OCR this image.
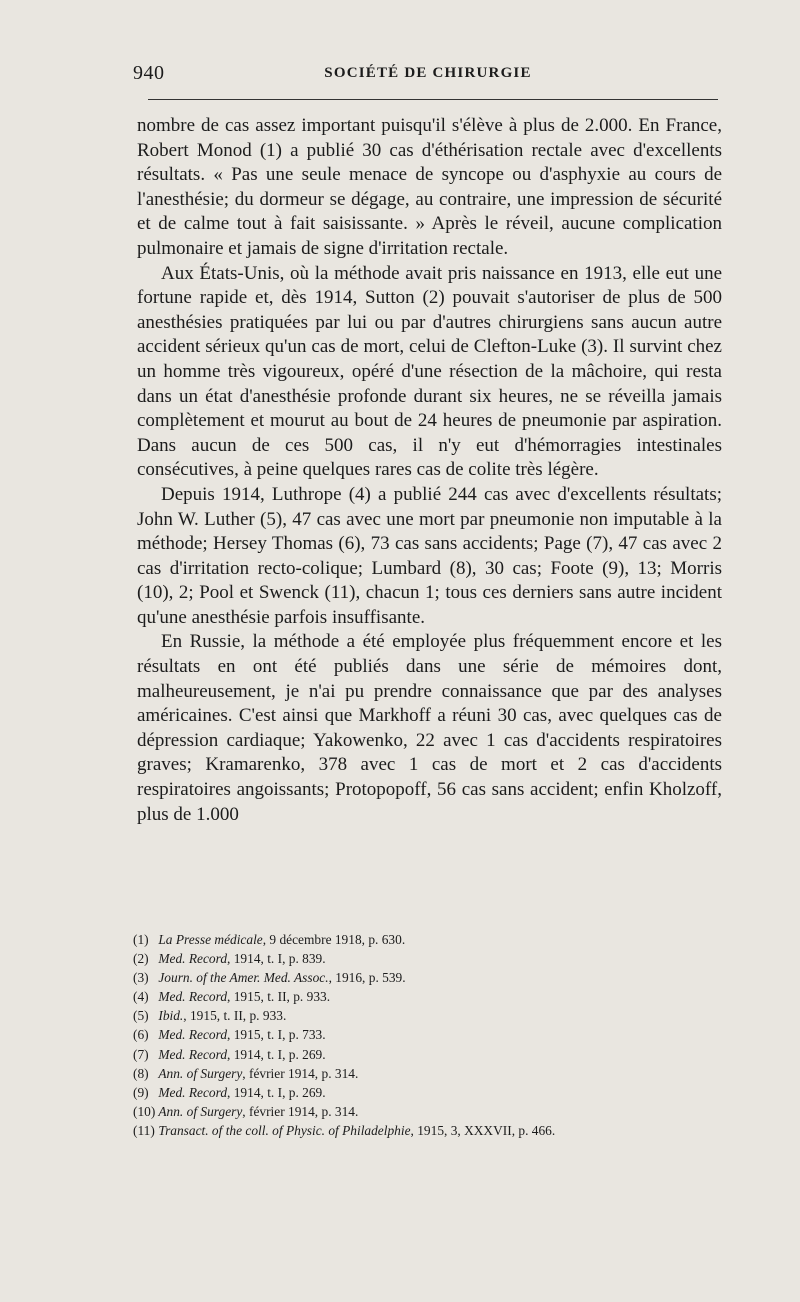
940	SOCIÉTÉ DE CHIRURGIE

nombre de cas assez important puisqu'il s'élève à plus de 2.000. En France, Robert Monod (1) a publié 30 cas d'éthérisation rectale avec d'excellents résultats. « Pas une seule menace de syncope ou d'asphyxie au cours de l'anesthésie; du dormeur se dégage, au contraire, une impression de sécurité et de calme tout à fait saisissante. » Après le réveil, aucune complication pulmonaire et jamais de signe d'irritation rectale.

Aux États-Unis, où la méthode avait pris naissance en 1913, elle eut une fortune rapide et, dès 1914, Sutton (2) pouvait s'autoriser de plus de 500 anesthésies pratiquées par lui ou par d'autres chirurgiens sans aucun autre accident sérieux qu'un cas de mort, celui de Clefton-Luke (3). Il survint chez un homme très vigoureux, opéré d'une résection de la mâchoire, qui resta dans un état d'anesthésie profonde durant six heures, ne se réveilla jamais complètement et mourut au bout de 24 heures de pneumonie par aspiration. Dans aucun de ces 500 cas, il n'y eut d'hémorragies intestinales consécutives, à peine quelques rares cas de colite très légère.

Depuis 1914, Luthrope (4) a publié 244 cas avec d'excellents résultats; John W. Luther (5), 47 cas avec une mort par pneumonie non imputable à la méthode; Hersey Thomas (6), 73 cas sans accidents; Page (7), 47 cas avec 2 cas d'irritation recto-colique; Lumbard (8), 30 cas; Foote (9), 13; Morris (10), 2; Pool et Swenck (11), chacun 1; tous ces derniers sans autre incident qu'une anesthésie parfois insuffisante.

En Russie, la méthode a été employée plus fréquemment encore et les résultats en ont été publiés dans une série de mémoires dont, malheureusement, je n'ai pu prendre connaissance que par des analyses américaines. C'est ainsi que Markhoff a réuni 30 cas, avec quelques cas de dépression cardiaque; Yakowenko, 22 avec 1 cas d'accidents respiratoires graves; Kramarenko, 378 avec 1 cas de mort et 2 cas d'accidents respiratoires angoissants; Protopopoff, 56 cas sans accident; enfin Kholzoff, plus de 1.000

(1) La Presse médicale, 9 décembre 1918, p. 630.
(2) Med. Record, 1914, t. I, p. 839.
(3) Journ. of the Amer. Med. Assoc., 1916, p. 539.
(4) Med. Record, 1915, t. II, p. 933.
(5) Ibid., 1915, t. II, p. 933.
(6) Med. Record, 1915, t. I, p. 733.
(7) Med. Record, 1914, t. I, p. 269.
(8) Ann. of Surgery, février 1914, p. 314.
(9) Med. Record, 1914, t. I, p. 269.
(10) Ann. of Surgery, février 1914, p. 314.
(11) Transact. of the coll. of Physic. of Philadelphie, 1915, 3, XXXVII, p. 466.
